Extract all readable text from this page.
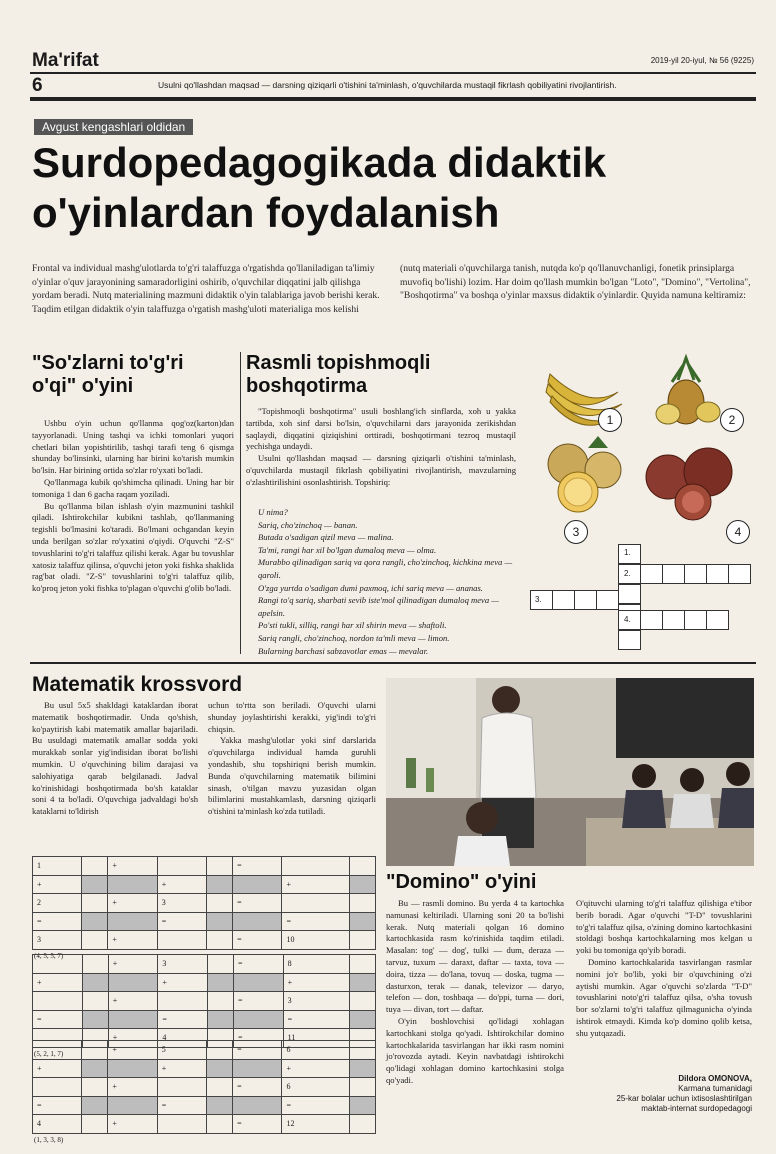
Ma'rifat	2019-yil 20-iyul, № 56 (9225)
6	Usulni qo'llashdan maqsad — darsning qiziqarli o'tishini ta'minlash, o'quvchilarda mustaqil fikrlash qobiliyatini rivojlantirish.
Avgust kengashlari oldidan
Surdopedagogikada didaktik o'yinlardan foydalanish
Frontal va individual mashg'ulotlarda to'g'ri talaffuzga o'rgatishda qo'llaniladigan ta'limiy o'yinlar o'quv jarayonining samaradorligini oshirib, o'quvchilar diqqatini jalb qilishga yordam beradi. Nutq materialining mazmuni didaktik o'yin talablariga javob berishi kerak. Taqdim etilgan didaktik o'yin talaffuzga o'rgatish mashg'uloti materialiga mos kelishi
(nutq materiali o'quvchilarga tanish, nutqda ko'p qo'llanuvchanligi, fonetik prinsiplarga muvofiq bo'lishi) lozim. Har doim qo'llash mumkin bo'lgan "Loto", "Domino", "Vertolina", "Boshqotirma" va boshqa o'yinlar maxsus didaktik o'yinlardir. Quyida namuna keltiramiz:
"So'zlarni to'g'ri o'qi" o'yini

Ushbu o'yin uchun qo'llanma qog'oz(karton)dan tayyorlanadi. Uning tashqi va ichki tomonlari yuqori chetlari bilan yopishtirilib, tashqi tarafi teng 6 qismga shunday bo'linsinki, ularning har birini ko'tarish mumkin bo'lsin. Har birining ortida so'zlar ro'yxati bo'ladi.

Qo'llanmaga kubik qo'shimcha qilinadi. Uning har bir tomoniga 1 dan 6 gacha raqam yoziladi.

Bu qo'llanma bilan ishlash o'yin mazmunini tashkil qiladi. Ishtirokchilar kubikni tashlab, qo'llanmaning tegishli bo'lmasini ko'taradi. Bo'lmani ochgandan keyin unda berilgan so'zlar ro'yxatini o'qiydi. O'quvchi "Z-S" tovushlarini to'g'ri talaffuz qilishi kerak. Agar bu tovushlar xatosiz talaffuz qilinsa, o'quvchi jeton yoki fishka shaklida rag'bat oladi. "Z-S" tovushlarini to'g'ri talaffuz qilib, ko'proq jeton yoki fishka to'plagan o'quvchi g'olib bo'ladi.

Rasmli topishmoqli boshqotirma

"Topishmoqli boshqotirma" usuli boshlang'ich sinflarda, xoh u yakka tartibda, xoh sinf darsi bo'lsin, o'quvchilarni dars jarayonida zerikishdan saqlaydi, diqqatini qiziqishini orttiradi, boshqotirmani tezroq mustaqil yechishga undaydi.

Usulni qo'llashdan maqsad — darsning qiziqarli o'tishini ta'minlash, o'quvchilarda mustaqil fikrlash qobiliyatini rivojlantirish, mavzularning o'zlashtirilishini osonlashtirish. Topshiriq:

U nima?
Sariq, cho'zinchoq — banan.
Butada o'sadigan qizil meva — malina.
Ta'mi, rangi har xil bo'lgan dumaloq meva — olma.
Murabbo qilinadigan sariq va qora rangli, cho'zinchoq, kichkina meva — qaroli.
O'zga yurtda o'sadigan dumi paxmoq, ichi sariq meva — ananas.
Rangi to'q sariq, sharbati sevib iste'mol qilinadigan dumaloq meva — apelsin.
Po'sti tukli, silliq, rangi har xil shirin meva — shaftoli.
Sariq rangli, cho'zinchoq, nordon ta'mli meva — limon.
Bularning barchasi sabzavotlar emas — mevalar.
1	2
3	4
1.
2.
3.
4.
Matematik krossvord

Bu usul 5x5 shakldagi kataklardan iborat matematik boshqotirmadir. Unda qo'shish, ko'paytirish kabi matematik amallar bajariladi. Bu usuldagi matematik amallar sodda yoki murakkab sonlar yig'indisidan iborat bo'lishi mumkin. U o'quvchining bilim darajasi va salohiyatiga qarab belgilanadi. Jadval ko'rinishidagi boshqotirmada bo'sh kataklar soni 4 ta bo'ladi. O'quvchiga jadvaldagi bo'sh kataklarni to'ldirish

uchun to'rtta son beriladi. O'quvchi ularni shunday joylashtirishi kerakki, yig'indi to'g'ri chiqsin.

Yakka mashg'ulotlar yoki sinf darslarida o'quvchilarga individual hamda guruhli yondashib, shu topshiriqni berish mumkin. Bunda o'quvchilarning matematik bilimini sinash, o'tilgan mavzu yuzasidan olgan bilimlarini mustahkamlash, darsning qiziqarli o'tishini ta'minlash ko'zda tutiladi.

1		+			=		
+			+			+	
2		+	3		=		
=			=			=	
3		+			=	10	
(4, 5, 5, 7)
		+	3		=	8	
+			+			+	
		+			=	3	
=			=			=	
		+	4		=	11	
(5, 2, 1, 7)
			+	5		=	6	
+			+			+	
		+			=	6	
=			=			=	
4		+			=	12	
(1, 3, 3, 8)
"Domino" o'yini

Bu — rasmli domino. Bu yerda 4 ta kartochka namunasi keltiriladi. Ularning soni 20 ta bo'lishi kerak. Nutq materiali qolgan 16 domino kartochkasida rasm ko'rinishida taqdim etiladi. Masalan: tog' — dog', tulki — dum, deraza — tarvuz, tuxum — daraxt, daftar — taxta, tova — doira, tizza — do'lana, tovuq — doska, tugma — dasturxon, terak — danak, televizor — daryo, telefon — don, toshbaqa — do'ppi, turna — dori, tuya — divan, tort — daftar.

O'yin boshlovchisi qo'lidagi xohlagan kartochkani stolga qo'yadi. Ishtirokchilar domino kartochkalarida tasvirlangan har ikki rasm nomini jo'rovozda aytadi. Keyin navbatdagi ishtirokchi qo'lidagi xohlagan domino kartochkasini stolga qo'yadi.

O'qituvchi ularning to'g'ri talaffuz qilishiga e'tibor berib boradi. Agar o'quvchi "T-D" tovushlarini to'g'ri talaffuz qilsa, o'zining domino kartochkasini stoldagi boshqa kartochkalarning mos kelgan u yoki bu tomoniga qo'yib boradi.

Domino kartochkalarida tasvirlangan rasmlar nomini jo'r bo'lib, yoki bir o'quvchining o'zi aytishi mumkin. Agar o'quvchi so'zlarda "T-D" tovushlarini noto'g'ri talaffuz qilsa, o'sha tovush bor so'zlarni to'g'ri talaffuz qilmagunicha o'yinda ishtirok etmaydi. Kimda ko'p domino qolib ketsa, shu yutqazadi.

Dildora OMONOVA,
Karmana tumanidagi
25-kar bolalar uchun ixtisoslashtirilgan
maktab-internat surdopedagogi
